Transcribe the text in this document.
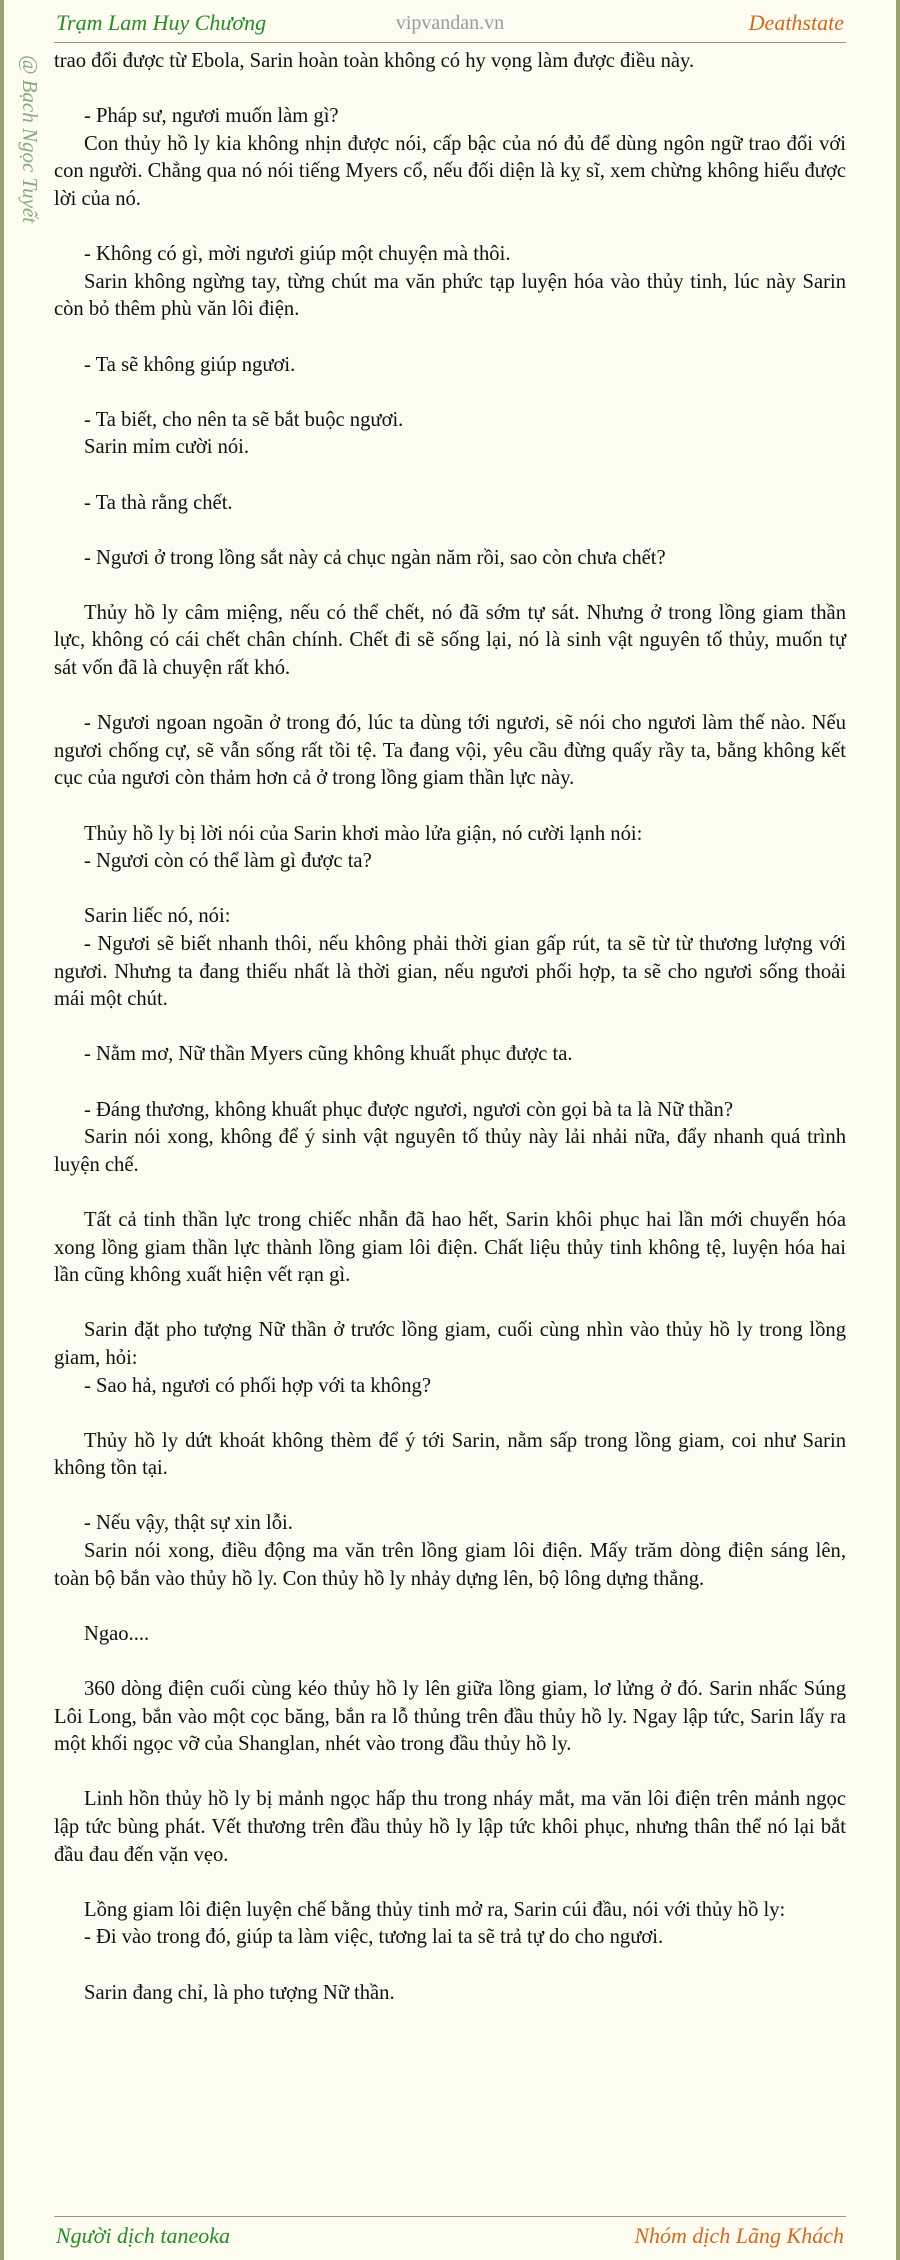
Trạm Lam Huy Chương	vipvandan.vn	Deathstate
@ Bạch Ngọc Tuyết trao đổi được từ Ebola, Sarin hoàn toàn không có hy vọng làm được điều này.

- Pháp sư, ngươi muốn làm gì?

Con thủy hồ ly kia không nhịn được nói, cấp bậc của nó đủ để dùng ngôn ngữ trao đổi với con người. Chẳng qua nó nói tiếng Myers cổ, nếu đối diện là kỵ sĩ, xem chừng không hiểu được lời của nó.

- Không có gì, mời ngươi giúp một chuyện mà thôi.

Sarin không ngừng tay, từng chút ma văn phức tạp luyện hóa vào thủy tinh, lúc này Sarin còn bỏ thêm phù văn lôi điện.

- Ta sẽ không giúp ngươi.

- Ta biết, cho nên ta sẽ bắt buộc ngươi.

Sarin mỉm cười nói.

- Ta thà rằng chết.

- Ngươi ở trong lồng sắt này cả chục ngàn năm rồi, sao còn chưa chết?

Thủy hồ ly câm miệng, nếu có thể chết, nó đã sớm tự sát. Nhưng ở trong lồng giam thần lực, không có cái chết chân chính. Chết đi sẽ sống lại, nó là sinh vật nguyên tố thủy, muốn tự sát vốn đã là chuyện rất khó.

- Ngươi ngoan ngoãn ở trong đó, lúc ta dùng tới ngươi, sẽ nói cho ngươi làm thế nào. Nếu ngươi chống cự, sẽ vẫn sống rất tồi tệ. Ta đang vội, yêu cầu đừng quấy rầy ta, bằng không kết cục của ngươi còn thảm hơn cả ở trong lồng giam thần lực này.

Thủy hồ ly bị lời nói của Sarin khơi mào lửa giận, nó cười lạnh nói:

- Ngươi còn có thể làm gì được ta?

Sarin liếc nó, nói:

- Ngươi sẽ biết nhanh thôi, nếu không phải thời gian gấp rút, ta sẽ từ từ thương lượng với ngươi. Nhưng ta đang thiếu nhất là thời gian, nếu ngươi phối hợp, ta sẽ cho ngươi sống thoải mái một chút.

- Nằm mơ, Nữ thần Myers cũng không khuất phục được ta.

- Đáng thương, không khuất phục được ngươi, ngươi còn gọi bà ta là Nữ thần?

Sarin nói xong, không để ý sinh vật nguyên tố thủy này lải nhải nữa, đẩy nhanh quá trình luyện chế.

Tất cả tinh thần lực trong chiếc nhẫn đã hao hết, Sarin khôi phục hai lần mới chuyển hóa xong lồng giam thần lực thành lồng giam lôi điện. Chất liệu thủy tinh không tệ, luyện hóa hai lần cũng không xuất hiện vết rạn gì.

Sarin đặt pho tượng Nữ thần ở trước lồng giam, cuối cùng nhìn vào thủy hồ ly trong lồng giam, hỏi:

- Sao hả, ngươi có phối hợp với ta không?

Thủy hồ ly dứt khoát không thèm để ý tới Sarin, nằm sấp trong lồng giam, coi như Sarin không tồn tại.

- Nếu vậy, thật sự xin lỗi.

Sarin nói xong, điều động ma văn trên lồng giam lôi điện. Mấy trăm dòng điện sáng lên, toàn bộ bắn vào thủy hồ ly. Con thủy hồ ly nhảy dựng lên, bộ lông dựng thẳng.

Ngao....

360 dòng điện cuối cùng kéo thủy hồ ly lên giữa lồng giam, lơ lửng ở đó. Sarin nhấc Súng Lôi Long, bắn vào một cọc băng, bắn ra lỗ thủng trên đầu thủy hồ ly. Ngay lập tức, Sarin lấy ra một khối ngọc vỡ của Shanglan, nhét vào trong đầu thủy hồ ly.

Linh hồn thủy hồ ly bị mảnh ngọc hấp thu trong nháy mắt, ma văn lôi điện trên mảnh ngọc lập tức bùng phát. Vết thương trên đầu thủy hồ ly lập tức khôi phục, nhưng thân thể nó lại bắt đầu đau đến vặn vẹo.

Lồng giam lôi điện luyện chế bằng thủy tinh mở ra, Sarin cúi đầu, nói với thủy hồ ly:

- Đi vào trong đó, giúp ta làm việc, tương lai ta sẽ trả tự do cho ngươi.

Sarin đang chỉ, là pho tượng Nữ thần.

Người dịch taneoka	Nhóm dịch Lãng Khách
